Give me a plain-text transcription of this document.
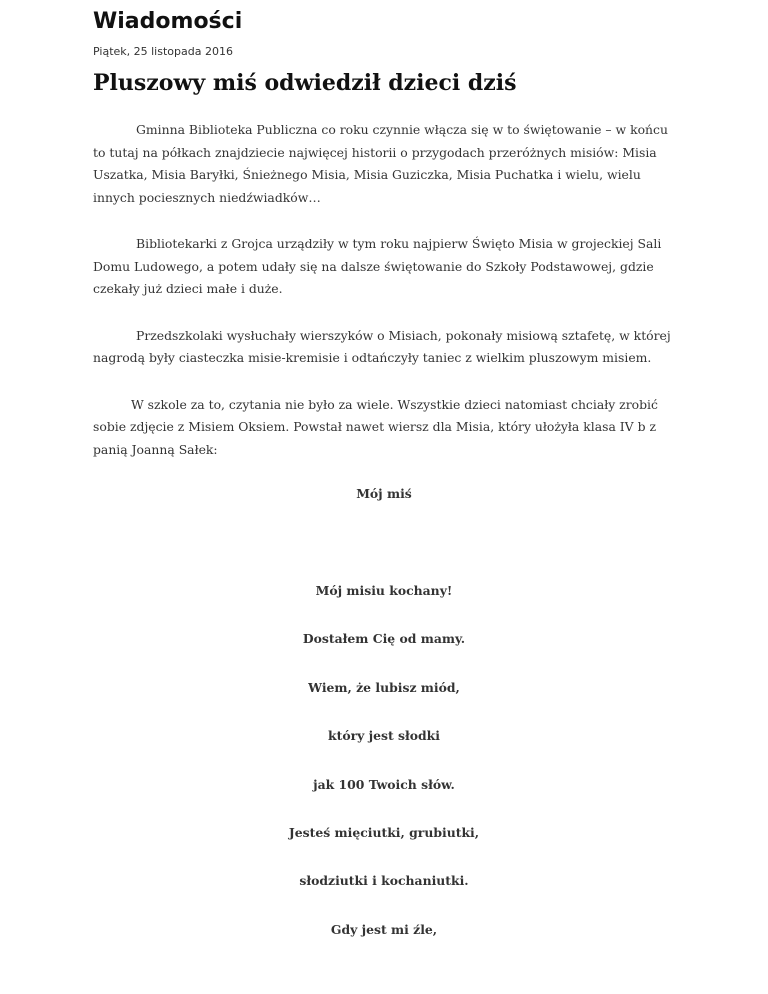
Wiadomości
Piątek, 25 listopada 2016
Pluszowy miś odwiedził dzieci dziś

Gminna Biblioteka Publiczna co roku czynnie włącza się w to świętowanie – w końcu to tutaj na półkach znajdziecie najwięcej historii o przygodach przeróżnych misiów: Misia Uszatka, Misia Baryłki, Śnieżnego Misia, Misia Guziczka, Misia Puchatka i wielu, wielu innych pociesznych niedźwiadków…

Bibliotekarki z Grojca urządziły w tym roku najpierw Święto Misia w grojeckiej Sali Domu Ludowego, a potem udały się na dalsze świętowanie do Szkoły Podstawowej, gdzie czekały już dzieci małe i duże.

Przedszkolaki wysłuchały wierszyków o Misiach, pokonały misiową sztafetę, w której nagrodą były ciasteczka misie-kremisie i odtańczyły taniec z wielkim pluszowym misiem.

W szkole za to, czytania nie było za wiele. Wszystkie dzieci natomiast chciały zrobić sobie zdjęcie z Misiem Oksiem. Powstał nawet wiersz dla Misia, który ułożyła klasa IV b z panią Joanną Sałek:

Mój miś
Mój misiu kochany!
Dostałem Cię od mamy.
Wiem, że lubisz miód,
który jest słodki
jak 100 Twoich słów.
Jesteś mięciutki, grubiutki,
słodziutki i kochaniutki.
Gdy jest mi źle,
